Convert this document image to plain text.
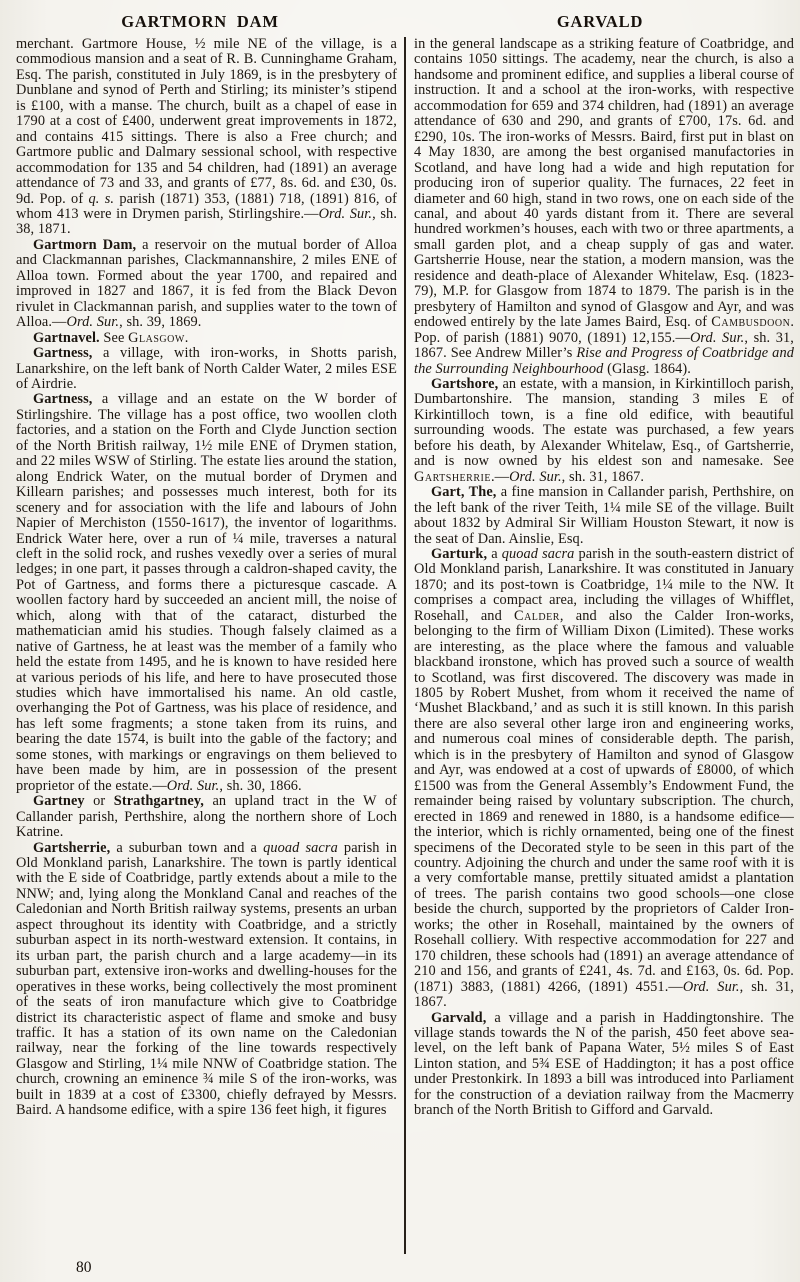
GARTMORN DAM	GARVALD

merchant. Gartmore House, ½ mile NE of the village, is a commodious mansion and a seat of R. B. Cunninghame Graham, Esq. The parish, constituted in July 1869, is in the presbytery of Dunblane and synod of Perth and Stirling; its minister’s stipend is £100, with a manse. The church, built as a chapel of ease in 1790 at a cost of £400, underwent great improvements in 1872, and contains 415 sittings. There is also a Free church; and Gartmore public and Dalmary sessional school, with respective accommodation for 135 and 54 children, had (1891) an average attendance of 73 and 33, and grants of £77, 8s. 6d. and £30, 0s. 9d. Pop. of q. s. parish (1871) 353, (1881) 718, (1891) 816, of whom 413 were in Drymen parish, Stirlingshire.—Ord. Sur., sh. 38, 1871.

Gartmorn Dam, a reservoir on the mutual border of Alloa and Clackmannan parishes, Clackmannanshire, 2 miles ENE of Alloa town. Formed about the year 1700, and repaired and improved in 1827 and 1867, it is fed from the Black Devon rivulet in Clackmannan parish, and supplies water to the town of Alloa.—Ord. Sur., sh. 39, 1869.

Gartnavel. See Glasgow.

Gartness, a village, with iron-works, in Shotts parish, Lanarkshire, on the left bank of North Calder Water, 2 miles ESE of Airdrie.

Gartness, a village and an estate on the W border of Stirlingshire. The village has a post office, two woollen cloth factories, and a station on the Forth and Clyde Junction section of the North British railway, 1½ mile ENE of Drymen station, and 22 miles WSW of Stirling. The estate lies around the station, along Endrick Water, on the mutual border of Drymen and Killearn parishes; and possesses much interest, both for its scenery and for association with the life and labours of John Napier of Merchiston (1550-1617), the inventor of logarithms. Endrick Water here, over a run of ¼ mile, traverses a natural cleft in the solid rock, and rushes vexedly over a series of mural ledges; in one part, it passes through a caldron-shaped cavity, the Pot of Gartness, and forms there a picturesque cascade. A woollen factory hard by succeeded an ancient mill, the noise of which, along with that of the cataract, disturbed the mathematician amid his studies. Though falsely claimed as a native of Gartness, he at least was the member of a family who held the estate from 1495, and he is known to have resided here at various periods of his life, and here to have prosecuted those studies which have immortalised his name. An old castle, overhanging the Pot of Gartness, was his place of residence, and has left some fragments; a stone taken from its ruins, and bearing the date 1574, is built into the gable of the factory; and some stones, with markings or engravings on them believed to have been made by him, are in possession of the present proprietor of the estate.—Ord. Sur., sh. 30, 1866.

Gartney or Strathgartney, an upland tract in the W of Callander parish, Perthshire, along the northern shore of Loch Katrine.

Gartsherrie, a suburban town and a quoad sacra parish in Old Monkland parish, Lanarkshire. The town is partly identical with the E side of Coatbridge, partly extends about a mile to the NNW; and, lying along the Monkland Canal and reaches of the Caledonian and North British railway systems, presents an urban aspect throughout its identity with Coatbridge, and a strictly suburban aspect in its north-westward extension. It contains, in its urban part, the parish church and a large academy—in its suburban part, extensive iron-works and dwelling-houses for the operatives in these works, being collectively the most prominent of the seats of iron manufacture which give to Coatbridge district its characteristic aspect of flame and smoke and busy traffic. It has a station of its own name on the Caledonian railway, near the forking of the line towards respectively Glasgow and Stirling, 1¼ mile NNW of Coatbridge station. The church, crowning an eminence ¾ mile S of the iron-works, was built in 1839 at a cost of £3300, chiefly defrayed by Messrs. Baird. A handsome edifice, with a spire 136 feet high, it figures

in the general landscape as a striking feature of Coatbridge, and contains 1050 sittings. The academy, near the church, is also a handsome and prominent edifice, and supplies a liberal course of instruction. It and a school at the iron-works, with respective accommodation for 659 and 374 children, had (1891) an average attendance of 630 and 290, and grants of £700, 17s. 6d. and £290, 10s. The iron-works of Messrs. Baird, first put in blast on 4 May 1830, are among the best organised manufactories in Scotland, and have long had a wide and high reputation for producing iron of superior quality. The furnaces, 22 feet in diameter and 60 high, stand in two rows, one on each side of the canal, and about 40 yards distant from it. There are several hundred workmen’s houses, each with two or three apartments, a small garden plot, and a cheap supply of gas and water. Gartsherrie House, near the station, a modern mansion, was the residence and death-place of Alexander Whitelaw, Esq. (1823-79), M.P. for Glasgow from 1874 to 1879. The parish is in the presbytery of Hamilton and synod of Glasgow and Ayr, and was endowed entirely by the late James Baird, Esq. of Cambusdoon. Pop. of parish (1881) 9070, (1891) 12,155.—Ord. Sur., sh. 31, 1867. See Andrew Miller’s Rise and Progress of Coatbridge and the Surrounding Neighbourhood (Glasg. 1864).

Gartshore, an estate, with a mansion, in Kirkintilloch parish, Dumbartonshire. The mansion, standing 3 miles E of Kirkintilloch town, is a fine old edifice, with beautiful surrounding woods. The estate was purchased, a few years before his death, by Alexander Whitelaw, Esq., of Gartsherrie, and is now owned by his eldest son and namesake. See Gartsherrie.—Ord. Sur., sh. 31, 1867.

Gart, The, a fine mansion in Callander parish, Perthshire, on the left bank of the river Teith, 1¼ mile SE of the village. Built about 1832 by Admiral Sir William Houston Stewart, it now is the seat of Dan. Ainslie, Esq.

Garturk, a quoad sacra parish in the south-eastern district of Old Monkland parish, Lanarkshire. It was constituted in January 1870; and its post-town is Coatbridge, 1¼ mile to the NW. It comprises a compact area, including the villages of Whifflet, Rosehall, and Calder, and also the Calder Iron-works, belonging to the firm of William Dixon (Limited). These works are interesting, as the place where the famous and valuable blackband ironstone, which has proved such a source of wealth to Scotland, was first discovered. The discovery was made in 1805 by Robert Mushet, from whom it received the name of ‘Mushet Blackband,’ and as such it is still known. In this parish there are also several other large iron and engineering works, and numerous coal mines of considerable depth. The parish, which is in the presbytery of Hamilton and synod of Glasgow and Ayr, was endowed at a cost of upwards of £8000, of which £1500 was from the General Assembly’s Endowment Fund, the remainder being raised by voluntary subscription. The church, erected in 1869 and renewed in 1880, is a handsome edifice—the interior, which is richly ornamented, being one of the finest specimens of the Decorated style to be seen in this part of the country. Adjoining the church and under the same roof with it is a very comfortable manse, prettily situated amidst a plantation of trees. The parish contains two good schools—one close beside the church, supported by the proprietors of Calder Iron-works; the other in Rosehall, maintained by the owners of Rosehall colliery. With respective accommodation for 227 and 170 children, these schools had (1891) an average attendance of 210 and 156, and grants of £241, 4s. 7d. and £163, 0s. 6d. Pop. (1871) 3883, (1881) 4266, (1891) 4551.—Ord. Sur., sh. 31, 1867.

Garvald, a village and a parish in Haddingtonshire. The village stands towards the N of the parish, 450 feet above sea-level, on the left bank of Papana Water, 5½ miles S of East Linton station, and 5¾ ESE of Haddington; it has a post office under Prestonkirk. In 1893 a bill was introduced into Parliament for the construction of a deviation railway from the Macmerry branch of the North British to Gifford and Garvald.

80
